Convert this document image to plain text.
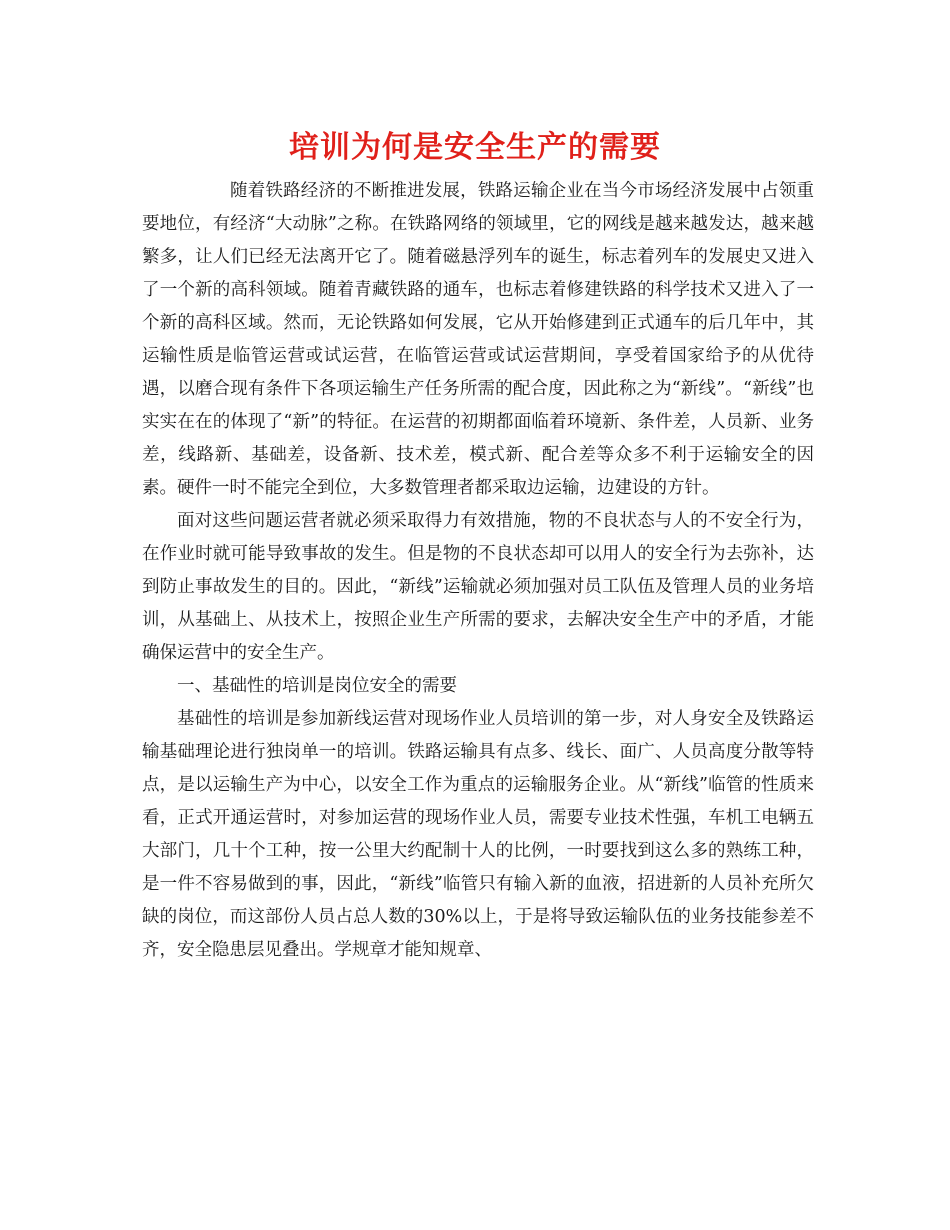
培训为何是安全生产的需要

随着铁路经济的不断推进发展，铁路运输企业在当今市场经济发展中占领重要地位，有经济“大动脉”之称。在铁路网络的领域里，它的网线是越来越发达，越来越繁多，让人们已经无法离开它了。随着磁悬浮列车的诞生，标志着列车的发展史又进入了一个新的高科领域。随着青藏铁路的通车，也标志着修建铁路的科学技术又进入了一个新的高科区域。然而，无论铁路如何发展，它从开始修建到正式通车的后几年中，其运输性质是临管运营或试运营，在临管运营或试运营期间，享受着国家给予的从优待遇，以磨合现有条件下各项运输生产任务所需的配合度，因此称之为“新线”。“新线”也实实在在的体现了“新”的特征。在运营的初期都面临着环境新、条件差，人员新、业务差，线路新、基础差，设备新、技术差，模式新、配合差等众多不利于运输安全的因素。硬件一时不能完全到位，大多数管理者都采取边运输，边建设的方针。

面对这些问题运营者就必须采取得力有效措施，物的不良状态与人的不安全行为，在作业时就可能导致事故的发生。但是物的不良状态却可以用人的安全行为去弥补，达到防止事故发生的目的。因此，“新线”运输就必须加强对员工队伍及管理人员的业务培训，从基础上、从技术上，按照企业生产所需的要求，去解决安全生产中的矛盾，才能确保运营中的安全生产。

一、基础性的培训是岗位安全的需要

基础性的培训是参加新线运营对现场作业人员培训的第一步，对人身安全及铁路运输基础理论进行独岗单一的培训。铁路运输具有点多、线长、面广、人员高度分散等特点，是以运输生产为中心，以安全工作为重点的运输服务企业。从“新线”临管的性质来看，正式开通运营时，对参加运营的现场作业人员，需要专业技术性强，车机工电辆五大部门，几十个工种，按一公里大约配制十人的比例，一时要找到这么多的熟练工种，是一件不容易做到的事，因此，“新线”临管只有输入新的血液，招进新的人员补充所欠缺的岗位，而这部份人员占总人数的30%以上，于是将导致运输队伍的业务技能参差不齐，安全隐患层见叠出。学规章才能知规章、
